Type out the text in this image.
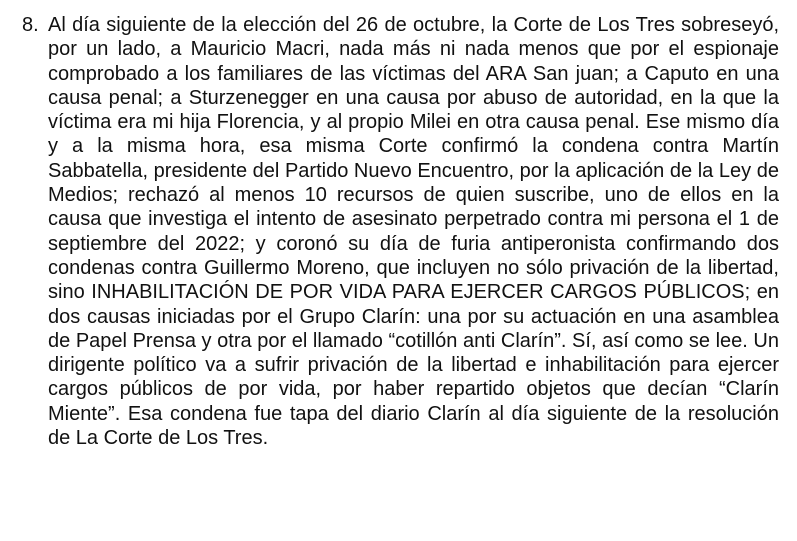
8. Al día siguiente de la elección del 26 de octubre, la Corte de Los Tres sobreseyó, por un lado, a Mauricio Macri, nada más ni nada menos que por el espionaje comprobado a los familiares de las víctimas del ARA San juan; a Caputo en una causa penal; a Sturzenegger en una causa por abuso de autoridad, en la que la víctima era mi hija Florencia, y al propio Milei en otra causa penal. Ese mismo día y a la misma hora, esa misma Corte confirmó la condena contra Martín Sabbatella, presidente del Partido Nuevo Encuentro, por la aplicación de la Ley de Medios; rechazó al menos 10 recursos de quien suscribe, uno de ellos en la causa que investiga el intento de asesinato perpetrado contra mi persona el 1 de septiembre del 2022; y coronó su día de furia antiperonista confirmando dos condenas contra Guillermo Moreno, que incluyen no sólo privación de la libertad, sino INHABILITACIÓN DE POR VIDA PARA EJERCER CARGOS PÚBLICOS; en dos causas iniciadas por el Grupo Clarín: una por su actuación en una asamblea de Papel Prensa y otra por el llamado “cotillón anti Clarín”. Sí, así como se lee. Un dirigente político va a sufrir privación de la libertad e inhabilitación para ejercer cargos públicos de por vida, por haber repartido objetos que decían “Clarín Miente”. Esa condena fue tapa del diario Clarín al día siguiente de la resolución de La Corte de Los Tres.
